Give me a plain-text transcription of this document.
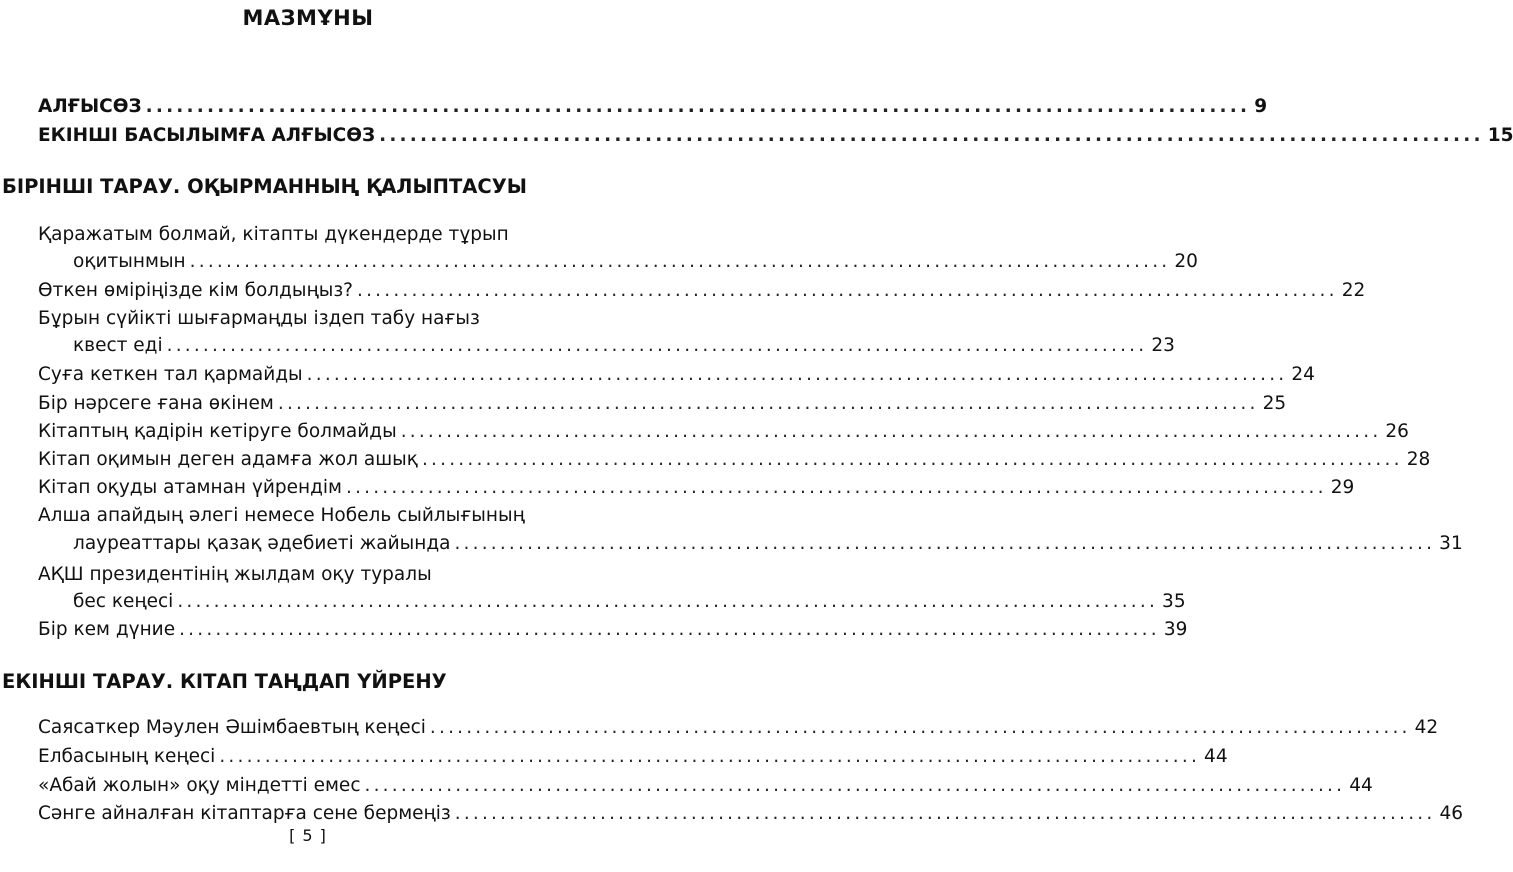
МАЗМҰНЫ
АЛҒЫСӨЗ ............................................................................................................ 9
ЕКІНШІ БАСЫЛЫМҒА АЛҒЫСӨЗ ............................................................................................................ 15
БІРІНШІ ТАРАУ. ОҚЫРМАННЫҢ ҚАЛЫПТАСУЫ
Қаражатым болмай, кітапты дүкендерде тұрып
оқитынмын ............................................................................................................ 20
Өткен өміріңізде кім болдыңыз? ............................................................................................................ 22
Бұрын сүйікті шығармаңды іздеп табу нағыз
квест еді ............................................................................................................ 23
Суға кеткен тал қармайды ............................................................................................................ 24
Бір нәрсеге ғана өкінем ............................................................................................................ 25
Кітаптың қадірін кетіруге болмайды ............................................................................................................ 26
Кітап оқимын деген адамға жол ашық ............................................................................................................ 28
Кітап оқуды атамнан үйрендім ............................................................................................................ 29
Алша апайдың әлегі немесе Нобель сыйлығының
лауреаттары қазақ әдебиеті жайында ............................................................................................................ 31
АҚШ президентінің жылдам оқу туралы
бес кеңесі ............................................................................................................ 35
Бір кем дүние ............................................................................................................ 39
ЕКІНШІ ТАРАУ. КІТАП ТАҢДАП ҮЙРЕНУ
Саясаткер Мәулен Әшімбаевтың кеңесі ............................................................................................................ 42
Елбасының кеңесі ............................................................................................................ 44
«Абай жолын» оқу міндетті емес ............................................................................................................ 44
Сәнге айналған кітаптарға сене бермеңіз ............................................................................................................ 46
[ 5 ]
